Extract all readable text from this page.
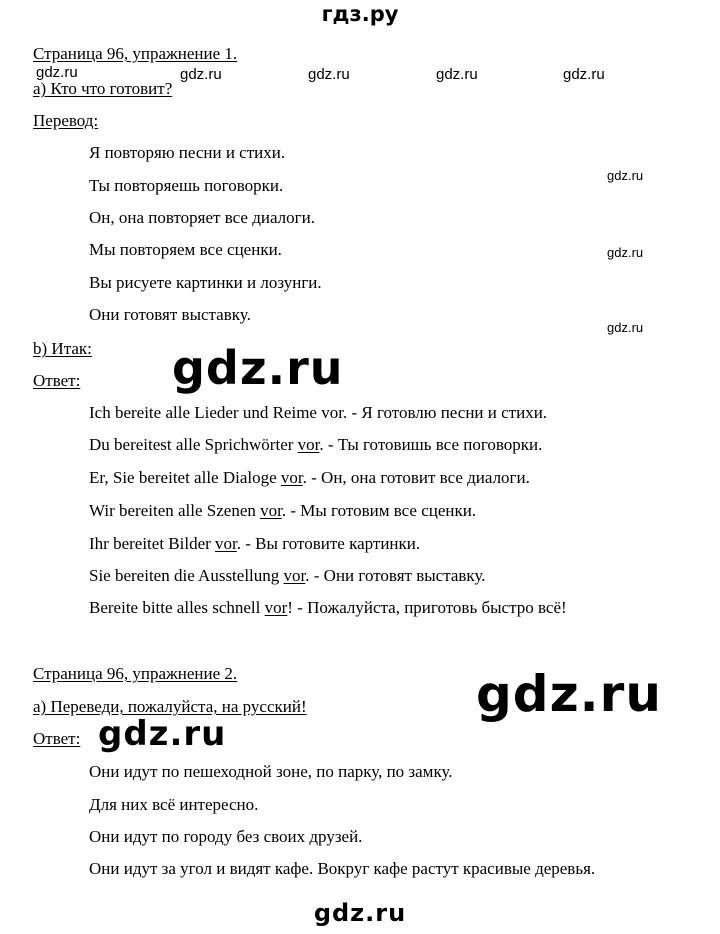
гдз.ру
Страница 96, упражнение 1.
а) Кто что готовит?
Перевод:
Я повторяю песни и стихи.
Ты повторяешь поговорки.
Он, она повторяет все диалоги.
Мы повторяем все сценки.
Вы рисуете картинки и лозунги.
Они готовят выставку.
b) Итак:
Ответ:
Ich bereite alle Lieder und Reime vor. - Я готовлю песни и стихи.
Du bereitest alle Sprichwörter vor. - Ты готовишь все поговорки.
Er, Sie bereitet alle Dialoge vor. - Он, она готовит все диалоги.
Wir bereiten alle Szenen vor. - Мы готовим все сценки.
Ihr bereitet Bilder vor. - Вы готовите картинки.
Sie bereiten die Ausstellung vor. - Они готовят выставку.
Bereite bitte alles schnell vor! - Пожалуйста, приготовь быстро всё!
Страница 96, упражнение 2.
а) Переведи, пожалуйста, на русский!
Ответ:
Они идут по пешеходной зоне, по парку, по замку.
Для них всё интересно.
Они идут по городу без своих друзей.
Они идут за угол и видят кафе. Вокруг кафе растут красивые деревья.
gdz.ru	gdz.ru	gdz.ru	gdz.ru	gdz.ru
gdz.ru
gdz.ru
gdz.ru
gdz.ru
gdz.ru
gdz.ru
gdz.ru
